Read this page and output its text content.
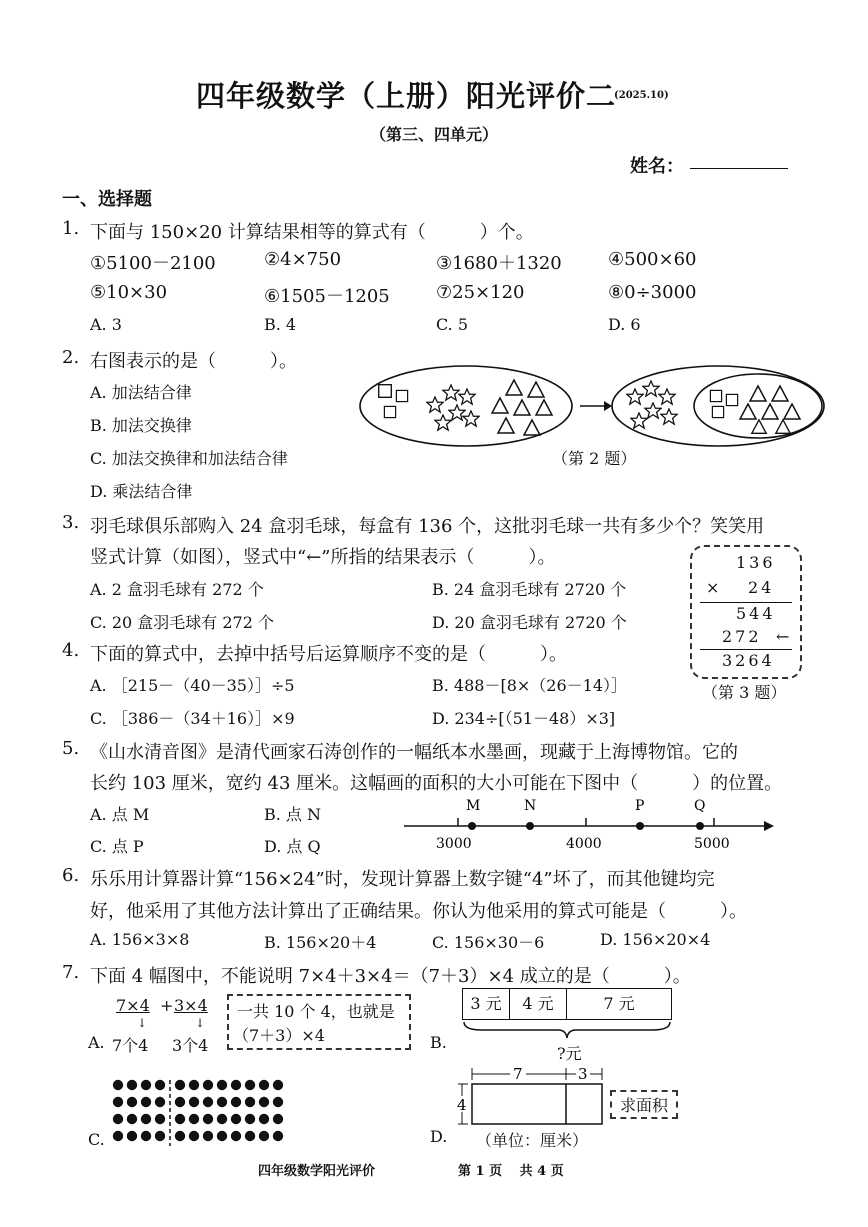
四年级数学（上册）阳光评价二
(2025.10)
（第三、四单元）
姓名：
一、选择题
1. 下面与 150×20 计算结果相等的算式有（　　　）个。
①5100－2100	②4×750	③1680＋1320	④500×60
⑤10×30	⑥1505－1205	⑦25×120	⑧0÷3000
A. 3	B. 4	C. 5	D. 6
2. 右图表示的是（　　　）。
A. 加法结合律
B. 加法交换律
C. 加法交换律和加法结合律
D. 乘法结合律
（第 2 题）
3. 羽毛球俱乐部购入 24 盒羽毛球，每盒有 136 个，这批羽毛球一共有多少个？笑笑用
竖式计算（如图），竖式中“←”所指的结果表示（　　　）。
A. 2 盒羽毛球有 272 个	B. 24 盒羽毛球有 2720 个
C. 20 盒羽毛球有 272 个	D. 20 盒羽毛球有 2720 个
136
× 24
544
272 ←
3264
（第 3 题）
4. 下面的算式中，去掉中括号后运算顺序不变的是（　　　）。
A. ［215－（40－35）］÷5	B. 488－[8×（26－14）］
C. ［386－（34＋16）］×9	D. 234÷[（51－48）×3]
5. 《山水清音图》是清代画家石涛创作的一幅纸本水墨画，现藏于上海博物馆。它的
长约 103 厘米，宽约 43 厘米。这幅画的面积的大小可能在下图中（　　　）的位置。
A. 点 M	B. 点 N
C. 点 P	D. 点 Q
M	N	P	Q
3000	4000	5000
6. 乐乐用计算器计算“156×24”时，发现计算器上数字键“4”坏了，而其他键均完
好，他采用了其他方法计算出了正确结果。你认为他采用的算式可能是（　　　）。
A. 156×3×8	B. 156×20＋4	C. 156×30－6	D. 156×20×4
7. 下面 4 幅图中，不能说明 7×4＋3×4＝（7＋3）×4 成立的是（　　　）。
A.
7×4 + 3×4
↓	↓
7个4 3个4
一共 10 个 4，也就是
（7＋3）×4	B.
3 元	4 元	7 元
?元
C.	D.
7	3
4	求面积
（单位：厘米）
四年级数学阳光评价	第 1 页　 共 4 页
